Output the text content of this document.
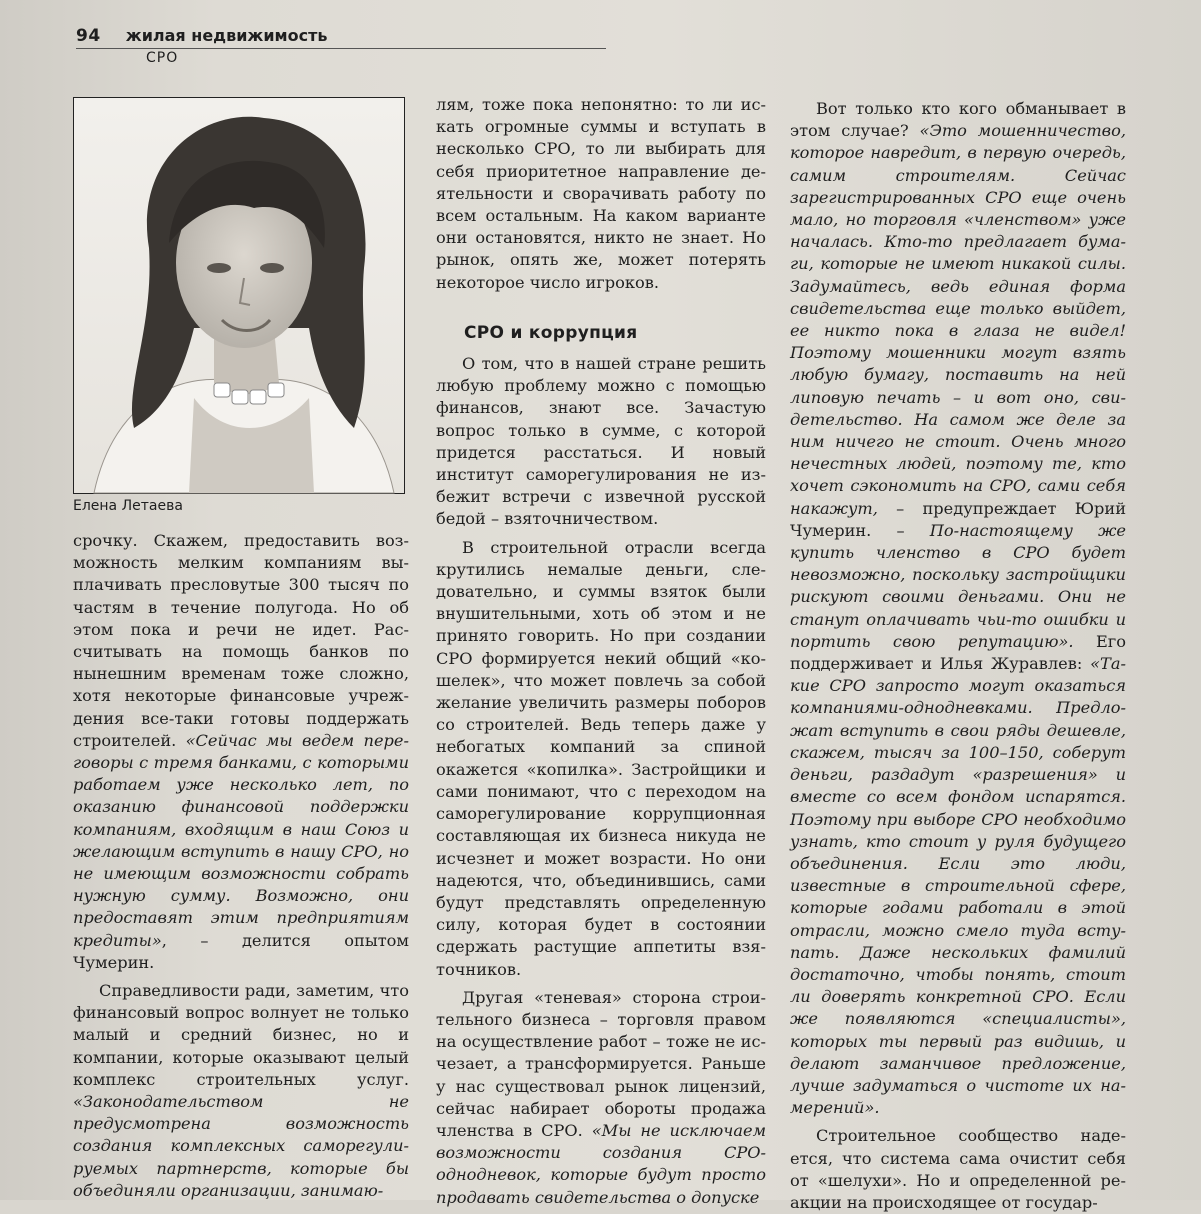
94 жилая недвижимость
СРО
Елена Летаева

срочку. Скажем, предоставить возможность мелким компаниям выплачивать пресловутые 300 тысяч по частям в течение полугода. Но об этом пока и речи не идет. Рассчитывать на помощь банков по нынешним временам тоже сложно, хотя некоторые финансовые учреждения все-таки готовы поддержать строителей. «Сейчас мы ведем переговоры с тремя банками, с которыми работаем уже несколько лет, по оказанию финансовой поддержки компаниям, входящим в наш Союз и желающим вступить в нашу СРО, но не имеющим возможности собрать нужную сумму. Возможно, они предоставят этим предприятиям кредиты», – делится опытом Чумерин.

Справедливости ради, заметим, что финансовый вопрос волнует не только малый и средний бизнес, но и компании, которые оказывают целый комплекс строительных услуг. «Законодательством не предусмотрена возможность создания комплексных саморегулируемых партнерств, которые бы объединяли организации, занимаю-

лям, тоже пока непонятно: то ли искать огромные суммы и вступать в несколько СРО, то ли выбирать для себя приоритетное направление деятельности и сворачивать работу по всем остальным. На каком варианте они остановятся, никто не знает. Но рынок, опять же, может потерять некоторое число игроков.

СРО и коррупция

О том, что в нашей стране решить любую проблему можно с помощью финансов, знают все. Зачастую вопрос только в сумме, с которой придется расстаться. И новый институт саморегулирования не избежит встречи с извечной русской бедой – взяточничеством.

В строительной отрасли всегда крутились немалые деньги, следовательно, и суммы взяток были внушительными, хоть об этом и не принято говорить. Но при создании СРО формируется некий общий «кошелек», что может повлечь за собой желание увеличить размеры поборов со строителей. Ведь теперь даже у небогатых компаний за спиной окажется «копилка». Застройщики и сами понимают, что с переходом на саморегулирование коррупционная составляющая их бизнеса никуда не исчезнет и может возрасти. Но они надеются, что, объединившись, сами будут представлять определенную силу, которая будет в состоянии сдержать растущие аппетиты взяточников.

Другая «теневая» сторона строительного бизнеса – торговля правом на осуществление работ – тоже не исчезает, а трансформируется. Раньше у нас существовал рынок лицензий, сейчас набирает обороты продажа членства в СРО. «Мы не исключаем возможности создания СРО-однодневок, которые будут просто продавать свидетельства о допуске

Вот только кто кого обманывает в этом случае? «Это мошенничество, которое навредит, в первую очередь, самим строителям. Сейчас зарегистрированных СРО еще очень мало, но торговля «членством» уже началась. Кто-то предлагает бумаги, которые не имеют никакой силы. Задумайтесь, ведь единая форма свидетельства еще только выйдет, ее никто пока в глаза не видел! Поэтому мошенники могут взять любую бумагу, поставить на ней липовую печать – и вот оно, свидетельство. На самом же деле за ним ничего не стоит. Очень много нечестных людей, поэтому те, кто хочет сэкономить на СРО, сами себя накажут, – предупреждает Юрий Чумерин. – По-настоящему же купить членство в СРО будет невозможно, поскольку застройщики рискуют своими деньгами. Они не станут оплачивать чьи-то ошибки и портить свою репутацию». Его поддерживает и Илья Журавлев: «Такие СРО запросто могут оказаться компаниями-однодневками. Предложат вступить в свои ряды дешевле, скажем, тысяч за 100–150, соберут деньги, раздадут «разрешения» и вместе со всем фондом испарятся. Поэтому при выборе СРО необходимо узнать, кто стоит у руля будущего объединения. Если это люди, известные в строительной сфере, которые годами работали в этой отрасли, можно смело туда вступать. Даже нескольких фамилий достаточно, чтобы понять, стоит ли доверять конкретной СРО. Если же появляются «специалисты», которых ты первый раз видишь, и делают заманчивое предложение, лучше задуматься о чистоте их намерений».

Строительное сообщество надеется, что система сама очистит себя от «шелухи». Но и определенной реакции на происходящее от государ-
